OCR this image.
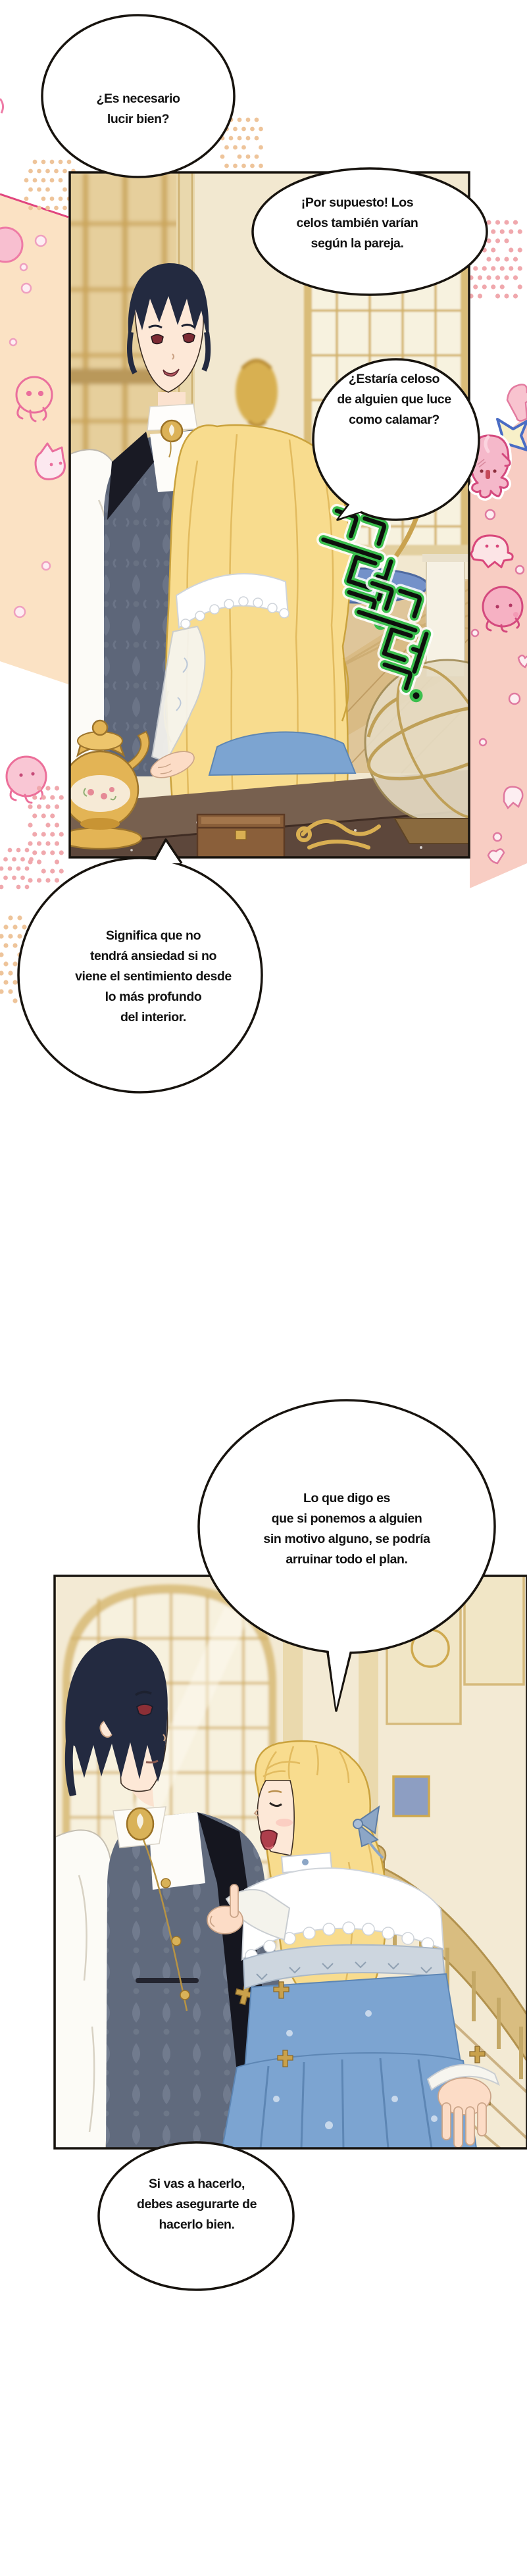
¿Es necesario
lucir bien?
¡Por supuesto! Los
celos también varían
según la pareja.
¿Estaría celoso
de alguien que luce
como calamar?
Significa que no
tendrá ansiedad si no
viene el sentimiento desde
lo más profundo
del interior.
Lo que digo es
que si ponemos a alguien
sin motivo alguno, se podría
arruinar todo el plan.
Si vas a hacerlo,
debes asegurarte de
hacerlo bien.
